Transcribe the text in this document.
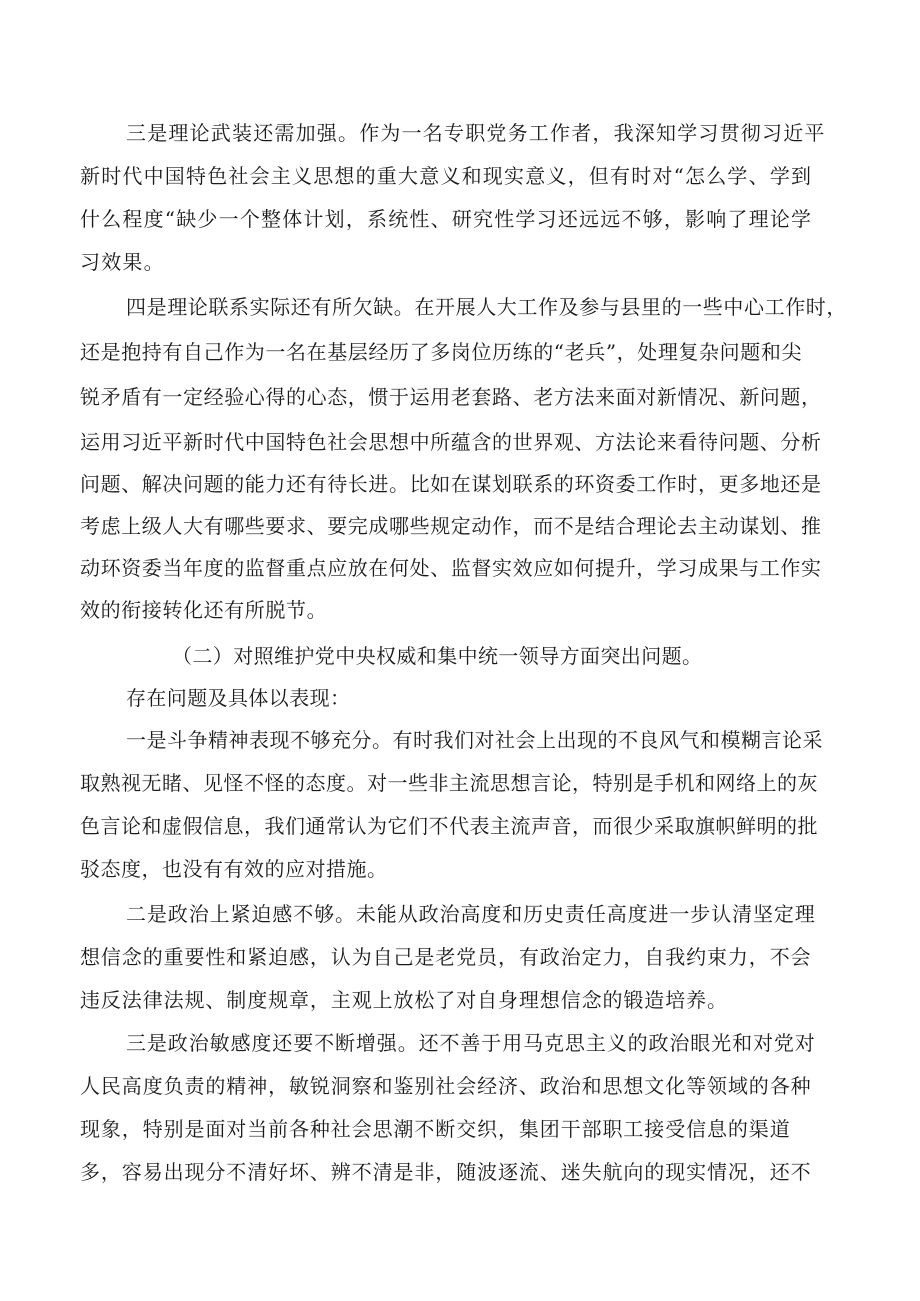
三是理论武装还需加强。作为一名专职党务工作者，我深知学习贯彻习近平
新时代中国特色社会主义思想的重大意义和现实意义，但有时对“怎么学、学到
什么程度“缺少一个整体计划，系统性、研究性学习还远远不够，影响了理论学
习效果。
四是理论联系实际还有所欠缺。在开展人大工作及参与县里的一些中心工作时，
还是抱持有自己作为一名在基层经历了多岗位历练的“老兵”，处理复杂问题和尖
锐矛盾有一定经验心得的心态，惯于运用老套路、老方法来面对新情况、新问题，
运用习近平新时代中国特色社会思想中所蕴含的世界观、方法论来看待问题、分析
问题、解决问题的能力还有待长进。比如在谋划联系的环资委工作时，更多地还是
考虑上级人大有哪些要求、要完成哪些规定动作，而不是结合理论去主动谋划、推
动环资委当年度的监督重点应放在何处、监督实效应如何提升，学习成果与工作实
效的衔接转化还有所脱节。
（二）对照维护党中央权威和集中统一领导方面突出问题。
存在问题及具体以表现：
一是斗争精神表现不够充分。有时我们对社会上出现的不良风气和模糊言论采
取熟视无睹、见怪不怪的态度。对一些非主流思想言论，特别是手机和网络上的灰
色言论和虚假信息，我们通常认为它们不代表主流声音，而很少采取旗帜鲜明的批
驳态度，也没有有效的应对措施。
二是政治上紧迫感不够。未能从政治高度和历史责任高度进一步认清坚定理
想信念的重要性和紧迫感，认为自己是老党员，有政治定力，自我约束力，不会
违反法律法规、制度规章，主观上放松了对自身理想信念的锻造培养。
三是政治敏感度还要不断增强。还不善于用马克思主义的政治眼光和对党对
人民高度负责的精神，敏锐洞察和鉴别社会经济、政治和思想文化等领域的各种
现象，特别是面对当前各种社会思潮不断交织，集团干部职工接受信息的渠道
多，容易出现分不清好坏、辨不清是非，随波逐流、迷失航向的现实情况，还不
